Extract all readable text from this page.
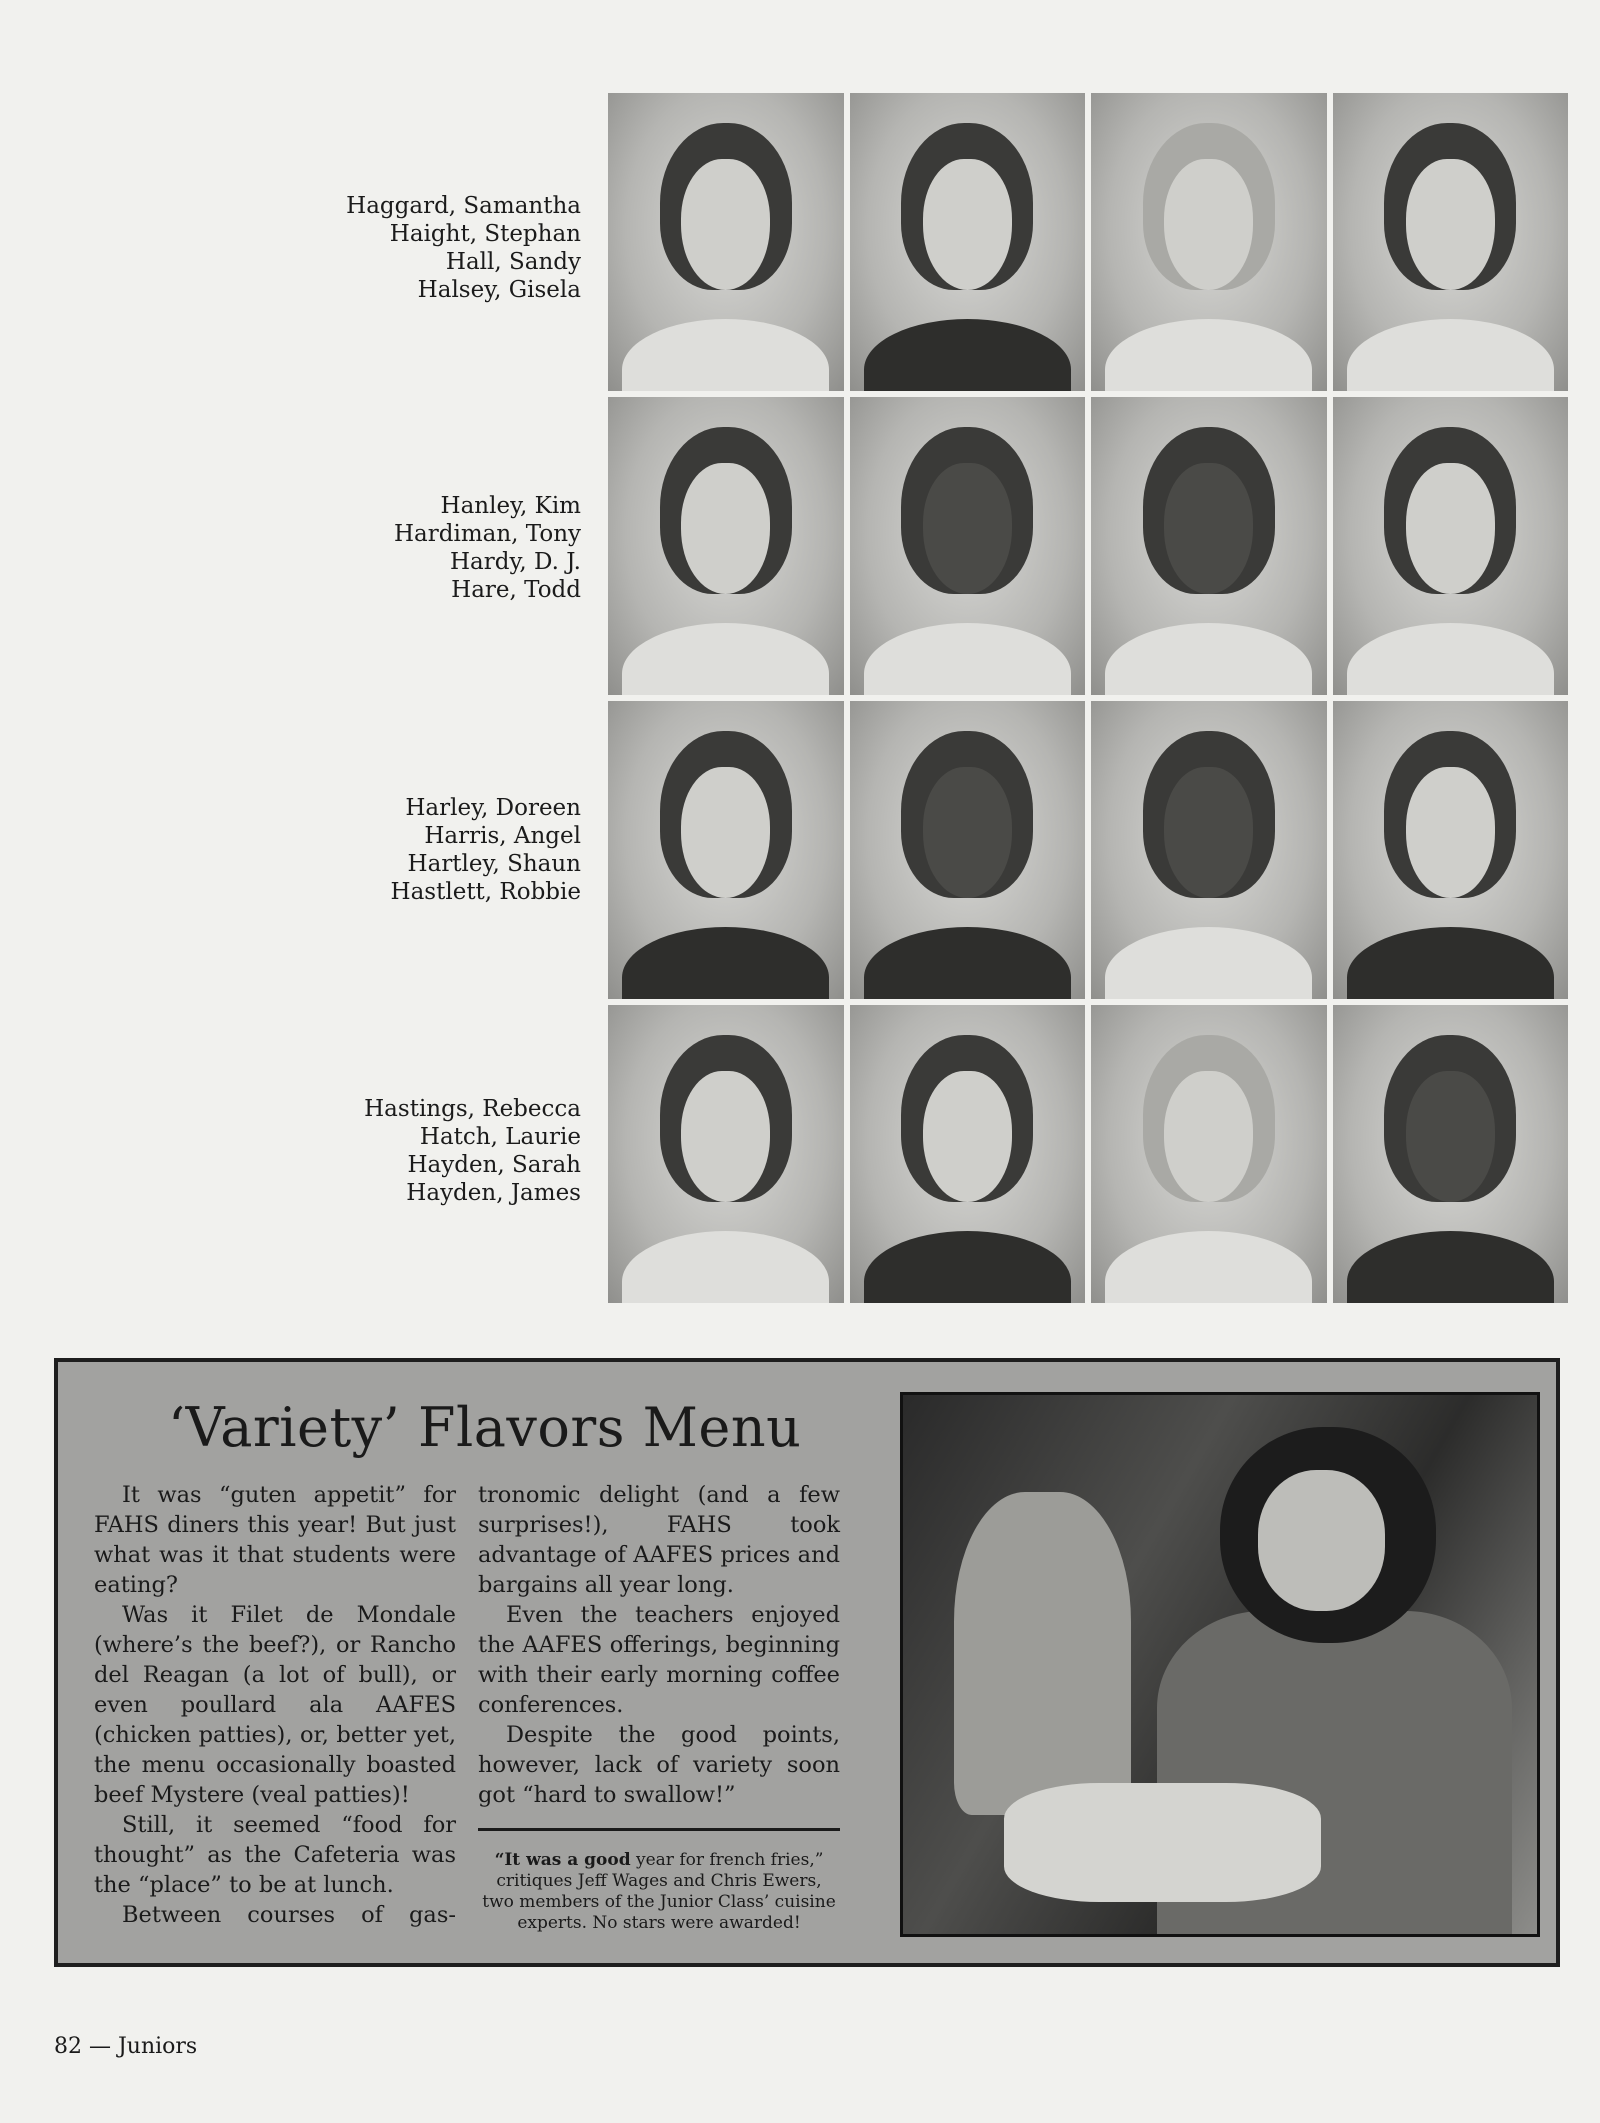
Haggard, Samantha
Haight, Stephan
Hall, Sandy
Halsey, Gisela
Hanley, Kim
Hardiman, Tony
Hardy, D. J.
Hare, Todd
Harley, Doreen
Harris, Angel
Hartley, Shaun
Hastlett, Robbie
Hastings, Rebecca
Hatch, Laurie
Hayden, Sarah
Hayden, James
‘Variety’ Flavors Menu

It was “guten appetit” for FAHS diners this year! But just what was it that students were eating?

Was it Filet de Mondale (where’s the beef?), or Rancho del Reagan (a lot of bull), or even poullard ala AAFES (chicken patties), or, better yet, the menu occasionally boasted beef Mystere (veal patties)!

Still, it seemed “food for thought” as the Cafeteria was the “place” to be at lunch.

Between courses of gas-

tronomic delight (and a few surprises!), FAHS took advantage of AAFES prices and bargains all year long.

Even the teachers enjoyed the AAFES offerings, beginning with their early morning coffee conferences.

Despite the good points, however, lack of variety soon got “hard to swallow!”

“It was a good year for french fries,” critiques Jeff Wages and Chris Ewers, two members of the Junior Class’ cuisine experts. No stars were awarded!
82 — Juniors
